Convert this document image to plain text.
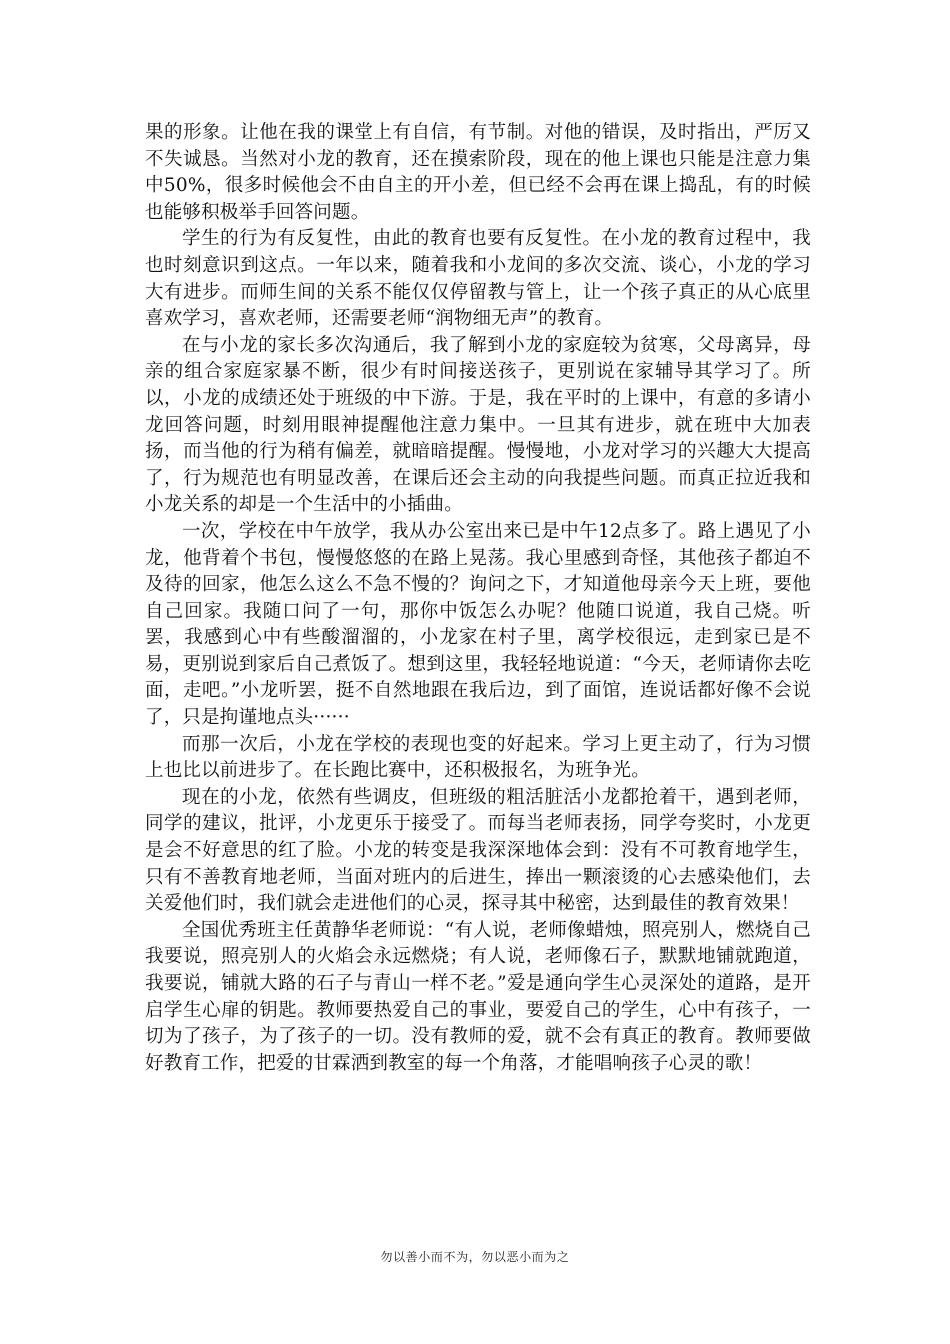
果的形象。让他在我的课堂上有自信，有节制。对他的错误，及时指出，严厉又不失诚恳。当然对小龙的教育，还在摸索阶段，现在的他上课也只能是注意力集中50%，很多时候他会不由自主的开小差，但已经不会再在课上捣乱，有的时候也能够积极举手回答问题。

学生的行为有反复性，由此的教育也要有反复性。在小龙的教育过程中，我也时刻意识到这点。一年以来，随着我和小龙间的多次交流、谈心，小龙的学习大有进步。而师生间的关系不能仅仅停留教与管上，让一个孩子真正的从心底里喜欢学习，喜欢老师，还需要老师“润物细无声”的教育。

在与小龙的家长多次沟通后，我了解到小龙的家庭较为贫寒，父母离异，母亲的组合家庭家暴不断，很少有时间接送孩子，更别说在家辅导其学习了。所以，小龙的成绩还处于班级的中下游。于是，我在平时的上课中，有意的多请小龙回答问题，时刻用眼神提醒他注意力集中。一旦其有进步，就在班中大加表扬，而当他的行为稍有偏差，就暗暗提醒。慢慢地，小龙对学习的兴趣大大提高了，行为规范也有明显改善，在课后还会主动的向我提些问题。而真正拉近我和小龙关系的却是一个生活中的小插曲。

一次，学校在中午放学，我从办公室出来已是中午12点多了。路上遇见了小龙，他背着个书包，慢慢悠悠的在路上晃荡。我心里感到奇怪，其他孩子都迫不及待的回家，他怎么这么不急不慢的？询问之下，才知道他母亲今天上班，要他自己回家。我随口问了一句，那你中饭怎么办呢？他随口说道，我自己烧。听罢，我感到心中有些酸溜溜的，小龙家在村子里，离学校很远，走到家已是不易，更别说到家后自己煮饭了。想到这里，我轻轻地说道：“今天，老师请你去吃面，走吧。”小龙听罢，挺不自然地跟在我后边，到了面馆，连说话都好像不会说了，只是拘谨地点头······

而那一次后，小龙在学校的表现也变的好起来。学习上更主动了，行为习惯上也比以前进步了。在长跑比赛中，还积极报名，为班争光。

现在的小龙，依然有些调皮，但班级的粗活脏活小龙都抢着干，遇到老师，同学的建议，批评，小龙更乐于接受了。而每当老师表扬，同学夸奖时，小龙更是会不好意思的红了脸。小龙的转变是我深深地体会到：没有不可教育地学生，只有不善教育地老师，当面对班内的后进生，捧出一颗滚烫的心去感染他们，去关爱他们时，我们就会走进他们的心灵，探寻其中秘密，达到最佳的教育效果！

全国优秀班主任黄静华老师说：“有人说，老师像蜡烛，照亮别人，燃烧自己我要说，照亮别人的火焰会永远燃烧；有人说，老师像石子，默默地铺就跑道，我要说，铺就大路的石子与青山一样不老。”爱是通向学生心灵深处的道路，是开启学生心扉的钥匙。教师要热爱自己的事业，要爱自己的学生，心中有孩子，一切为了孩子，为了孩子的一切。没有教师的爱，就不会有真正的教育。教师要做好教育工作，把爱的甘霖洒到教室的每一个角落，才能唱响孩子心灵的歌！

勿以善小而不为，勿以恶小而为之
